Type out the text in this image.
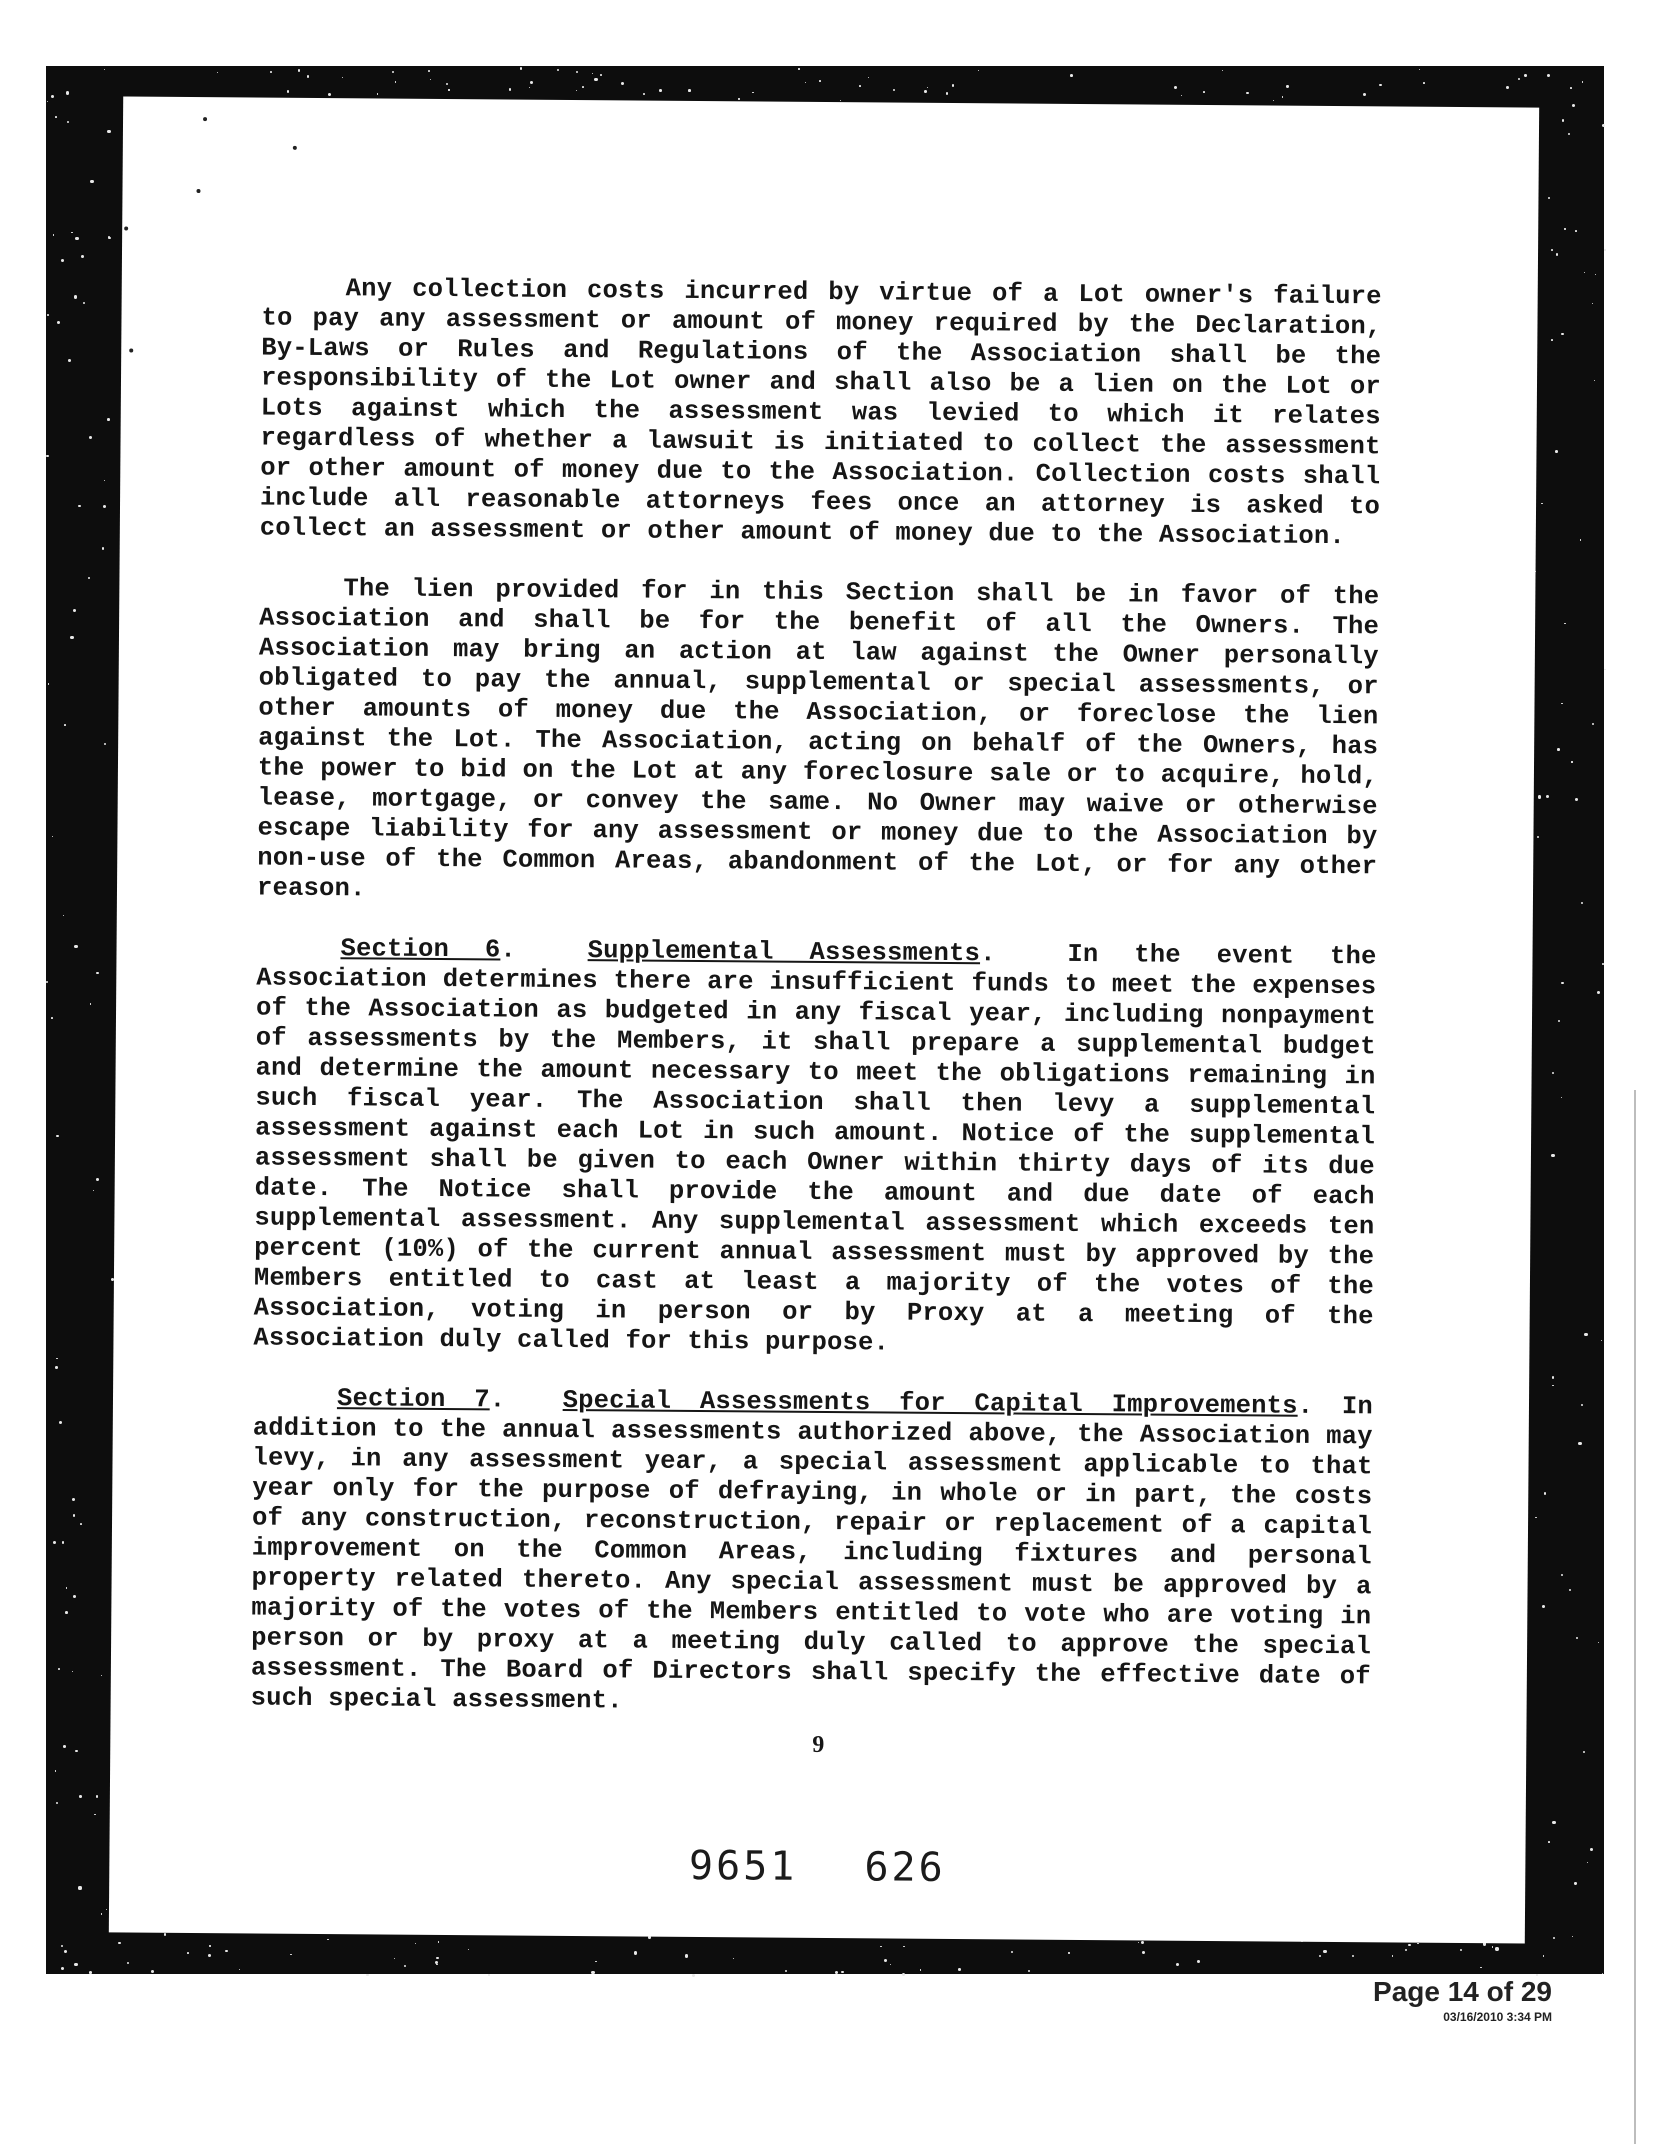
Any collection costs incurred by virtue of a Lot owner's failure to pay any assessment or amount of money required by the Declaration, By-Laws or Rules and Regulations of the Association shall be the responsibility of the Lot owner and shall also be a lien on the Lot or Lots against which the assessment was levied to which it relates regardless of whether a lawsuit is initiated to collect the assessment or other amount of money due to the Association. Collection costs shall include all reasonable attorneys fees once an attorney is asked to collect an assessment or other amount of money due to the Association.

The lien provided for in this Section shall be in favor of the Association and shall be for the benefit of all the Owners. The Association may bring an action at law against the Owner personally obligated to pay the annual, supplemental or special assessments, or other amounts of money due the Association, or foreclose the lien against the Lot. The Association, acting on behalf of the Owners, has the power to bid on the Lot at any foreclosure sale or to acquire, hold, lease, mortgage, or convey the same. No Owner may waive or otherwise escape liability for any assessment or money due to the Association by non-use of the Common Areas, abandonment of the Lot, or for any other reason.

Section 6.  Supplemental Assessments.  In the event the Association determines there are insufficient funds to meet the expenses of the Association as budgeted in any fiscal year, including nonpayment of assessments by the Members, it shall prepare a supplemental budget and determine the amount necessary to meet the obligations remaining in such fiscal year. The Association shall then levy a supplemental assessment against each Lot in such amount. Notice of the supplemental assessment shall be given to each Owner within thirty days of its due date. The Notice shall provide the amount and due date of each supplemental assessment. Any supplemental assessment which exceeds ten percent (10%) of the current annual assessment must by approved by the Members entitled to cast at least a majority of the votes of the Association, voting in person or by Proxy at a meeting of the Association duly called for this purpose.

Section 7.  Special Assessments for Capital Improvements. In addition to the annual assessments authorized above, the Association may levy, in any assessment year, a special assessment applicable to that year only for the purpose of defraying, in whole or in part, the costs of any construction, reconstruction, repair or replacement of a capital improvement on the Common Areas, including fixtures and personal property related thereto. Any special assessment must be approved by a majority of the votes of the Members entitled to vote who are voting in person or by proxy at a meeting duly called to approve the special assessment. The Board of Directors shall specify the effective date of such special assessment.

9
9651 626
Page 14 of 29
03/16/2010 3:34 PM
